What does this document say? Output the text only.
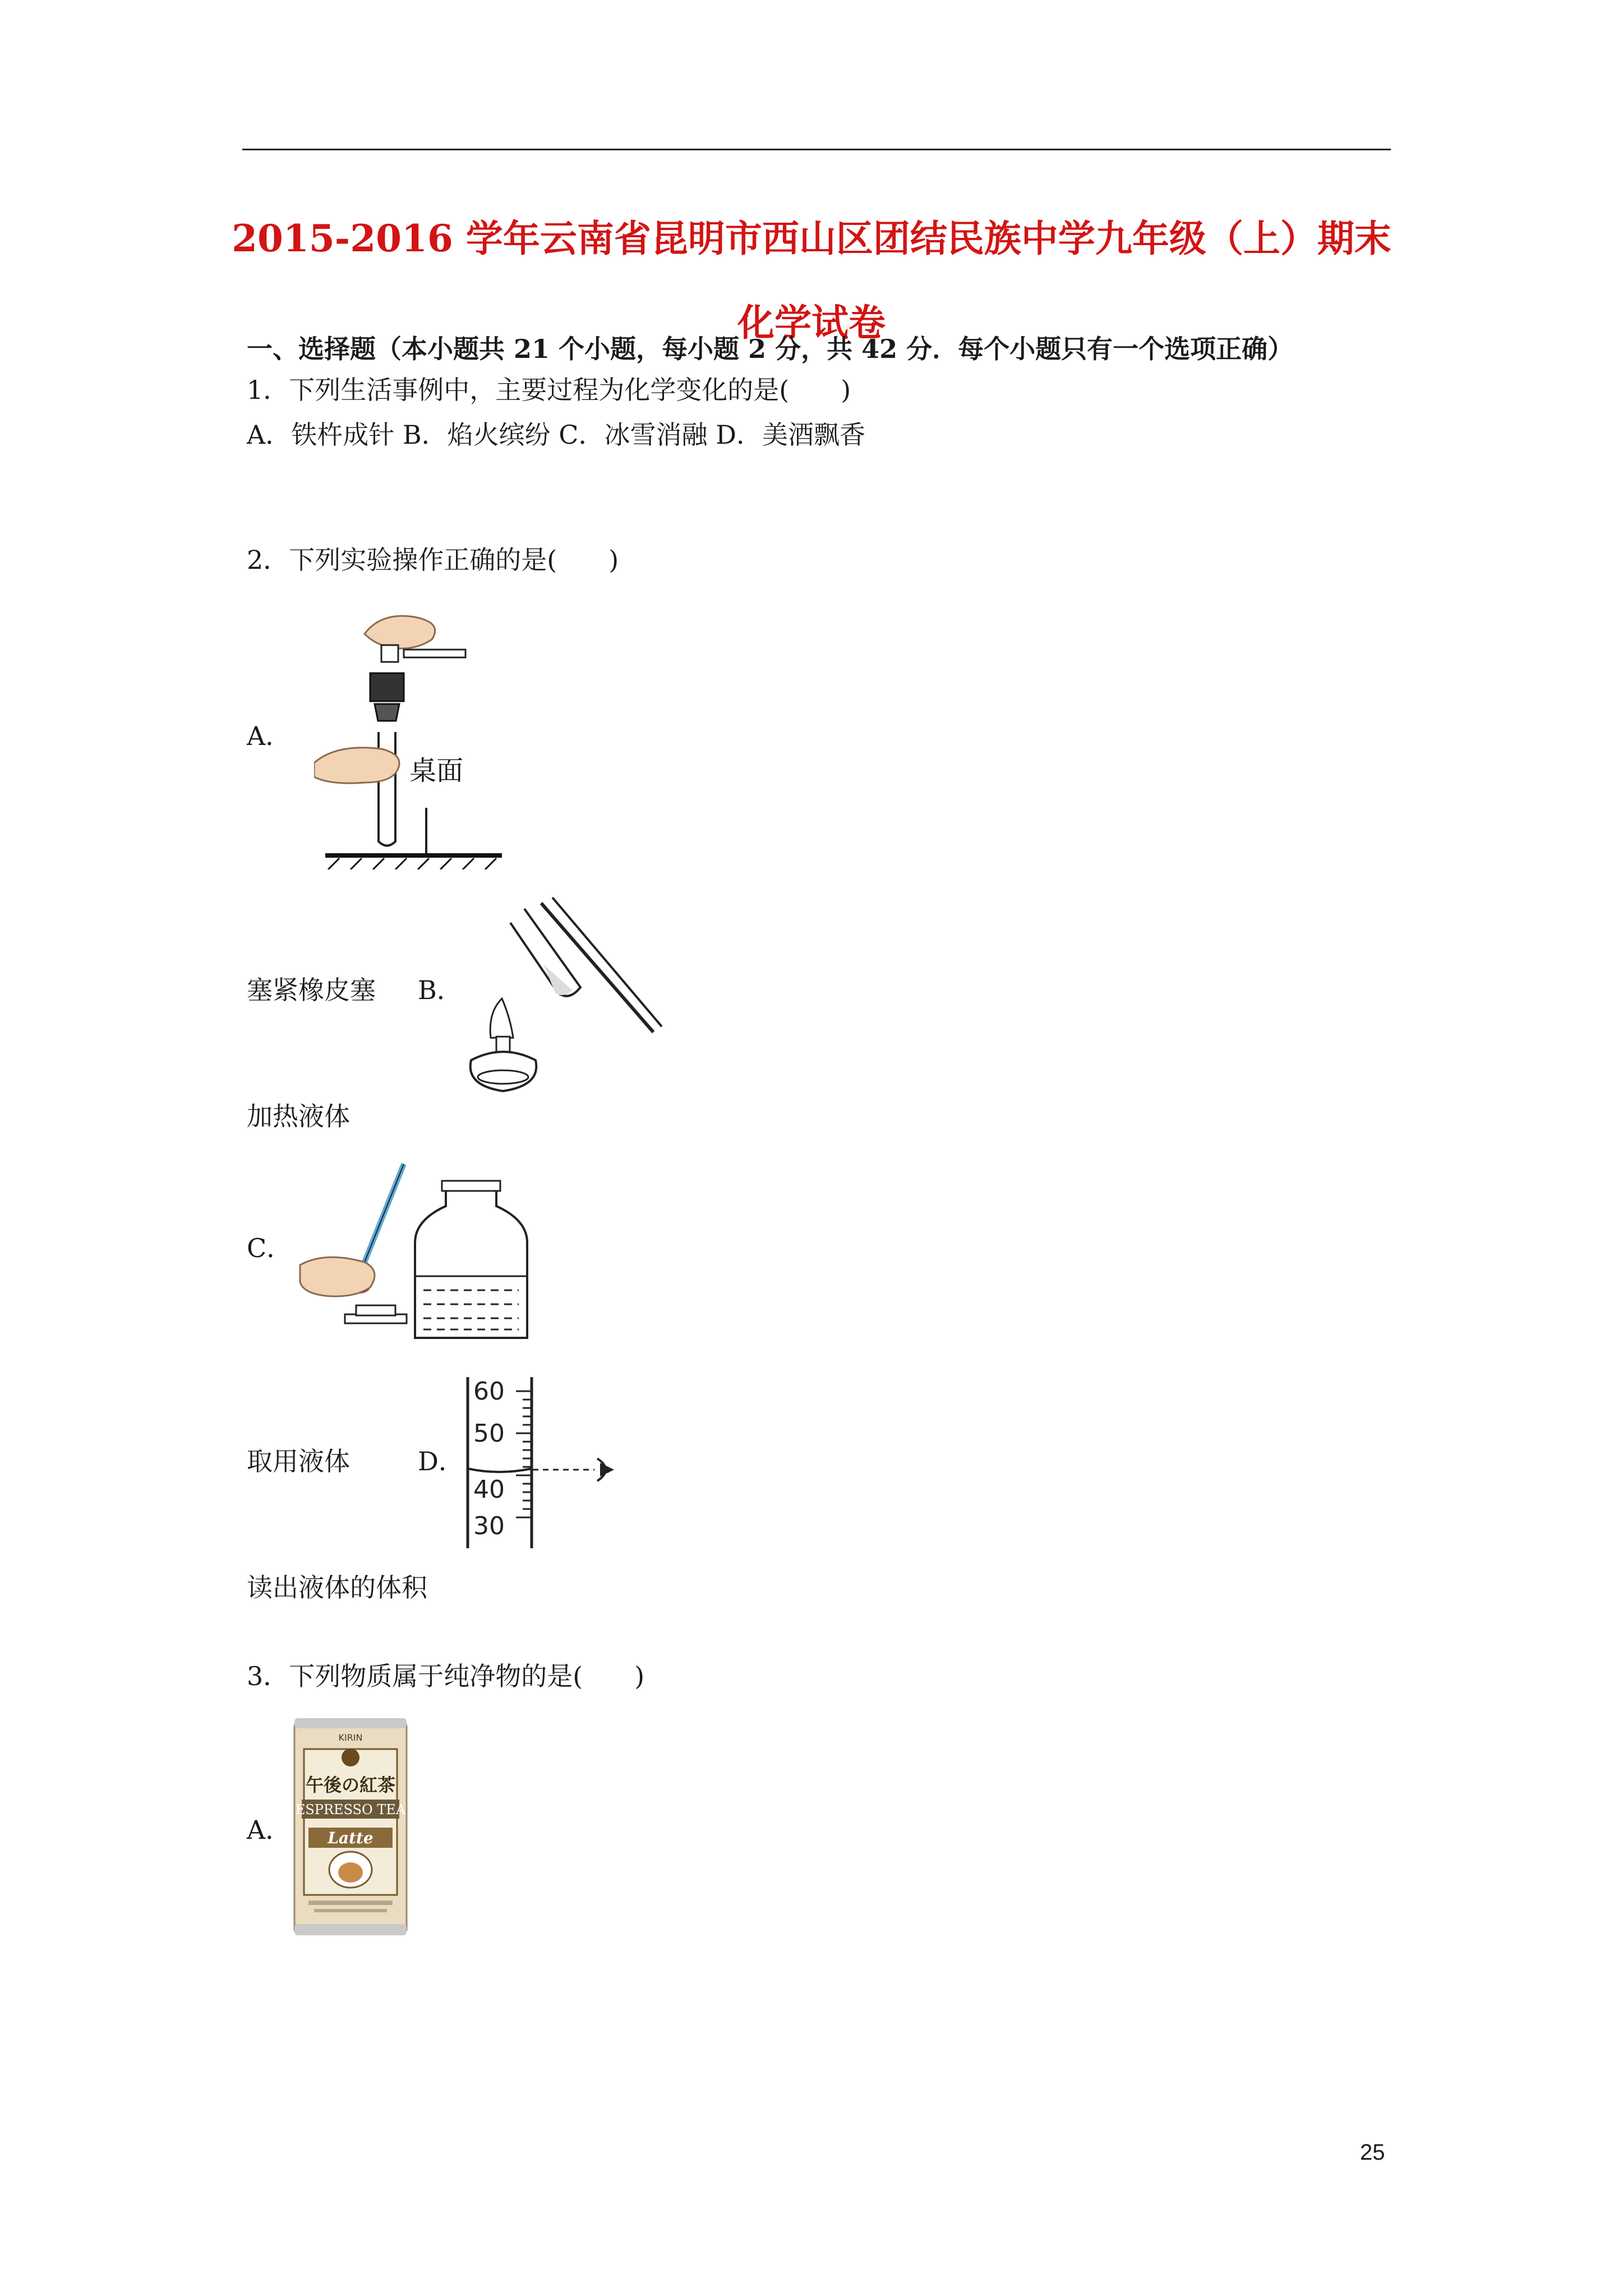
2015-2016 学年云南省昆明市西山区团结民族中学九年级（上）期末
化学试卷
一、选择题（本小题共 21 个小题，每小题 2 分，共 42 分．每个小题只有一个选项正确）
1．下列生活事例中，主要过程为化学变化的是(　　)
A．铁杵成针 B．焰火缤纷 C．冰雪消融 D．美酒飘香
2．下列实验操作正确的是(　　)
A．
桌面
塞紧橡皮塞 B．
加热液体
C．
取用液体	D．
60
50
40
30
读出液体的体积
3．下列物质属于纯净物的是(　　)
A．
KIRIN
午後の紅茶
ESPRESSO TEA
Latte
25
